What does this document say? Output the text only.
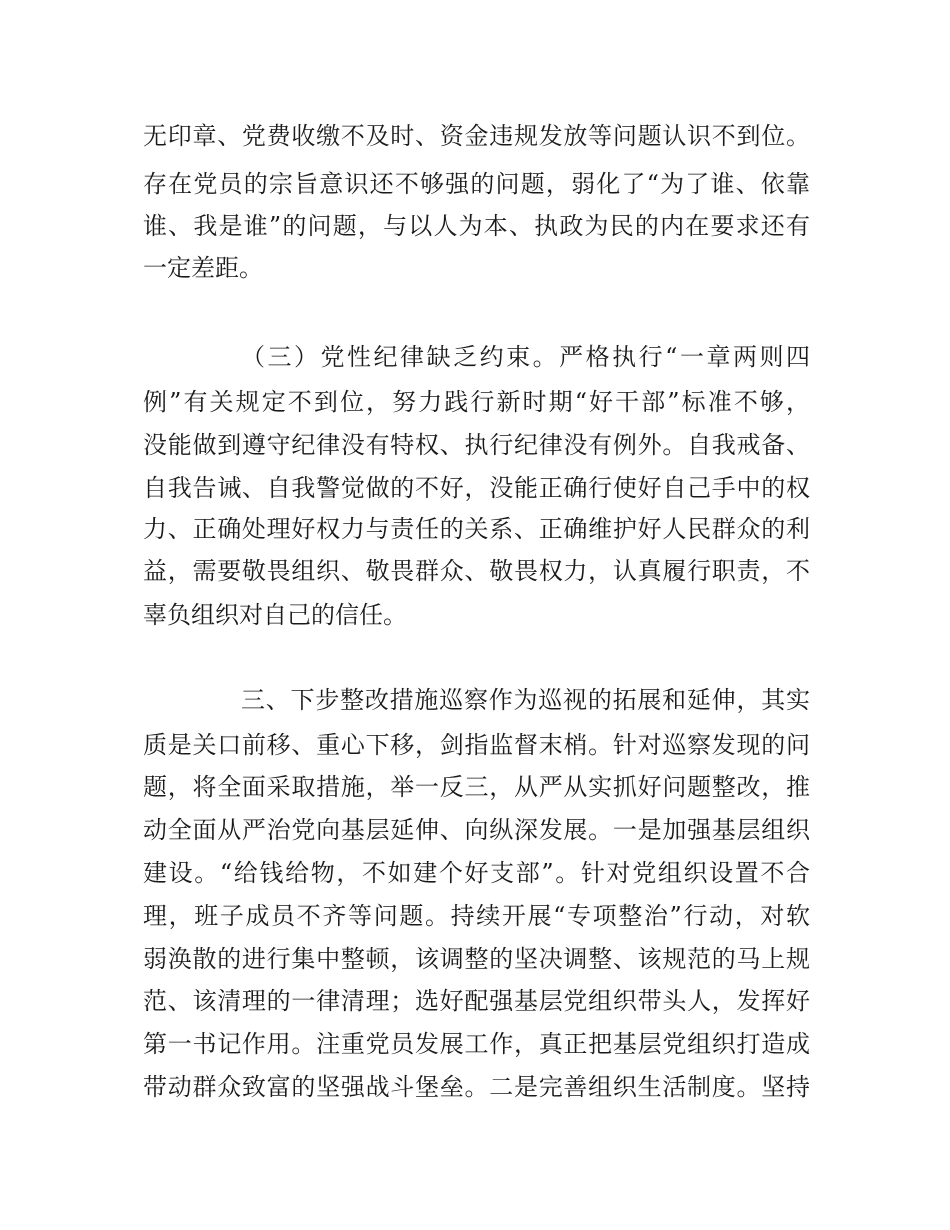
无印章、党费收缴不及时、资金违规发放等问题认识不到位。
存在党员的宗旨意识还不够强的问题，弱化了“为了谁、依靠
谁、我是谁”的问题，与以人为本、执政为民的内在要求还有
一定差距。
（三）党性纪律缺乏约束。严格执行“一章两则四
例”有关规定不到位，努力践行新时期“好干部”标准不够，
没能做到遵守纪律没有特权、执行纪律没有例外。自我戒备、
自我告诫、自我警觉做的不好，没能正确行使好自己手中的权
力、正确处理好权力与责任的关系、正确维护好人民群众的利
益，需要敬畏组织、敬畏群众、敬畏权力，认真履行职责，不
辜负组织对自己的信任。
三、下步整改措施巡察作为巡视的拓展和延伸，其实
质是关口前移、重心下移，剑指监督末梢。针对巡察发现的问
题，将全面采取措施，举一反三，从严从实抓好问题整改，推
动全面从严治党向基层延伸、向纵深发展。一是加强基层组织
建设。“给钱给物，不如建个好支部”。针对党组织设置不合
理，班子成员不齐等问题。持续开展“专项整治”行动，对软
弱涣散的进行集中整顿，该调整的坚决调整、该规范的马上规
范、该清理的一律清理；选好配强基层党组织带头人，发挥好
第一书记作用。注重党员发展工作，真正把基层党组织打造成
带动群众致富的坚强战斗堡垒。二是完善组织生活制度。坚持
